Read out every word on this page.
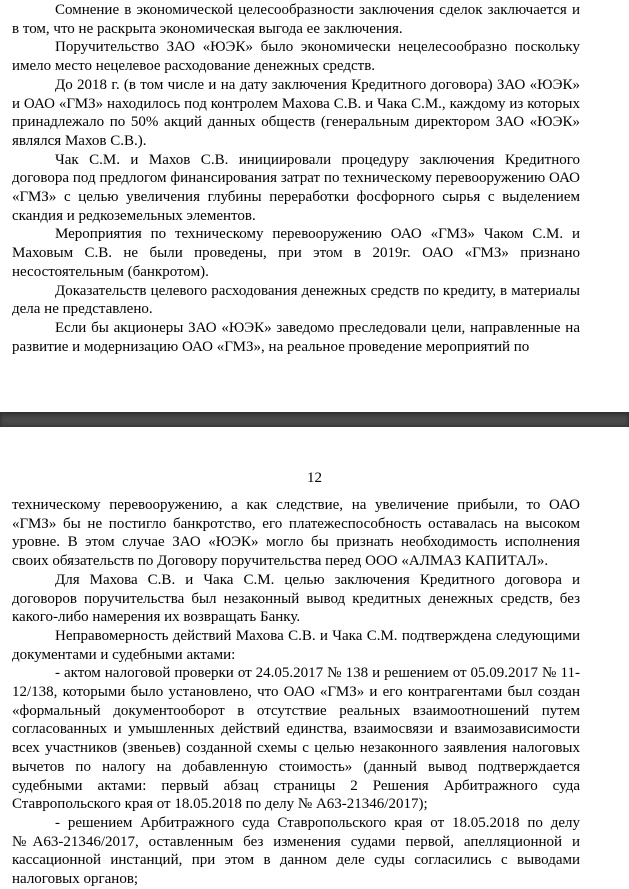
Сомнение в экономической целесообразности заключения сделок заключается и в том, что не раскрыта экономическая выгода ее заключения.

Поручительство ЗАО «ЮЭК» было экономически нецелесообразно поскольку имело место нецелевое расходование денежных средств.

До 2018 г. (в том числе и на дату заключения Кредитного договора) ЗАО «ЮЭК» и ОАО «ГМЗ» находилось под контролем Махова С.В. и Чака С.М., каждому из которых принадлежало по 50% акций данных обществ (генеральным директором ЗАО «ЮЭК» являлся Махов С.В.).

Чак С.М. и Махов С.В. инициировали процедуру заключения Кредитного договора под предлогом финансирования затрат по техническому перевооружению ОАО «ГМЗ» с целью увеличения глубины переработки фосфорного сырья с выделением скандия и редкоземельных элементов.

Мероприятия по техническому перевооружению ОАО «ГМЗ» Чаком С.М. и Маховым С.В. не были проведены, при этом в 2019г. ОАО «ГМЗ» признано несостоятельным (банкротом).

Доказательств целевого расходования денежных средств по кредиту, в материалы дела не представлено.

Если бы акционеры ЗАО «ЮЭК» заведомо преследовали цели, направленные на развитие и модернизацию ОАО «ГМЗ», на реальное проведение мероприятий по

12

техническому перевооружению, а как следствие, на увеличение прибыли, то ОАО «ГМЗ» бы не постигло банкротство, его платежеспособность оставалась на высоком уровне. В этом случае ЗАО «ЮЭК» могло бы признать необходимость исполнения своих обязательств по Договору поручительства перед ООО «АЛМАЗ КАПИТАЛ».

Для Махова С.В. и Чака С.М. целью заключения Кредитного договора и договоров поручительства был незаконный вывод кредитных денежных средств, без какого-либо намерения их возвращать Банку.

Неправомерность действий Махова С.В. и Чака С.М. подтверждена следующими документами и судебными актами:

- актом налоговой проверки от 24.05.2017 № 138 и решением от 05.09.2017 № 11-12/138, которыми было установлено, что ОАО «ГМЗ» и его контрагентами был создан «формальный документооборот в отсутствие реальных взаимоотношений путем согласованных и умышленных действий единства, взаимосвязи и взаимозависимости всех участников (звеньев) созданной схемы с целью незаконного заявления налоговых вычетов по налогу на добавленную стоимость» (данный вывод подтверждается судебными актами: первый абзац страницы 2 Решения Арбитражного суда Ставропольского края от 18.05.2018 по делу № А63-21346/2017);

- решением Арбитражного суда Ставропольского края от 18.05.2018 по делу №А63-21346/2017, оставленным без изменения судами первой, апелляционной и кассационной инстанций, при этом в данном деле суды согласились с выводами налоговых органов;
